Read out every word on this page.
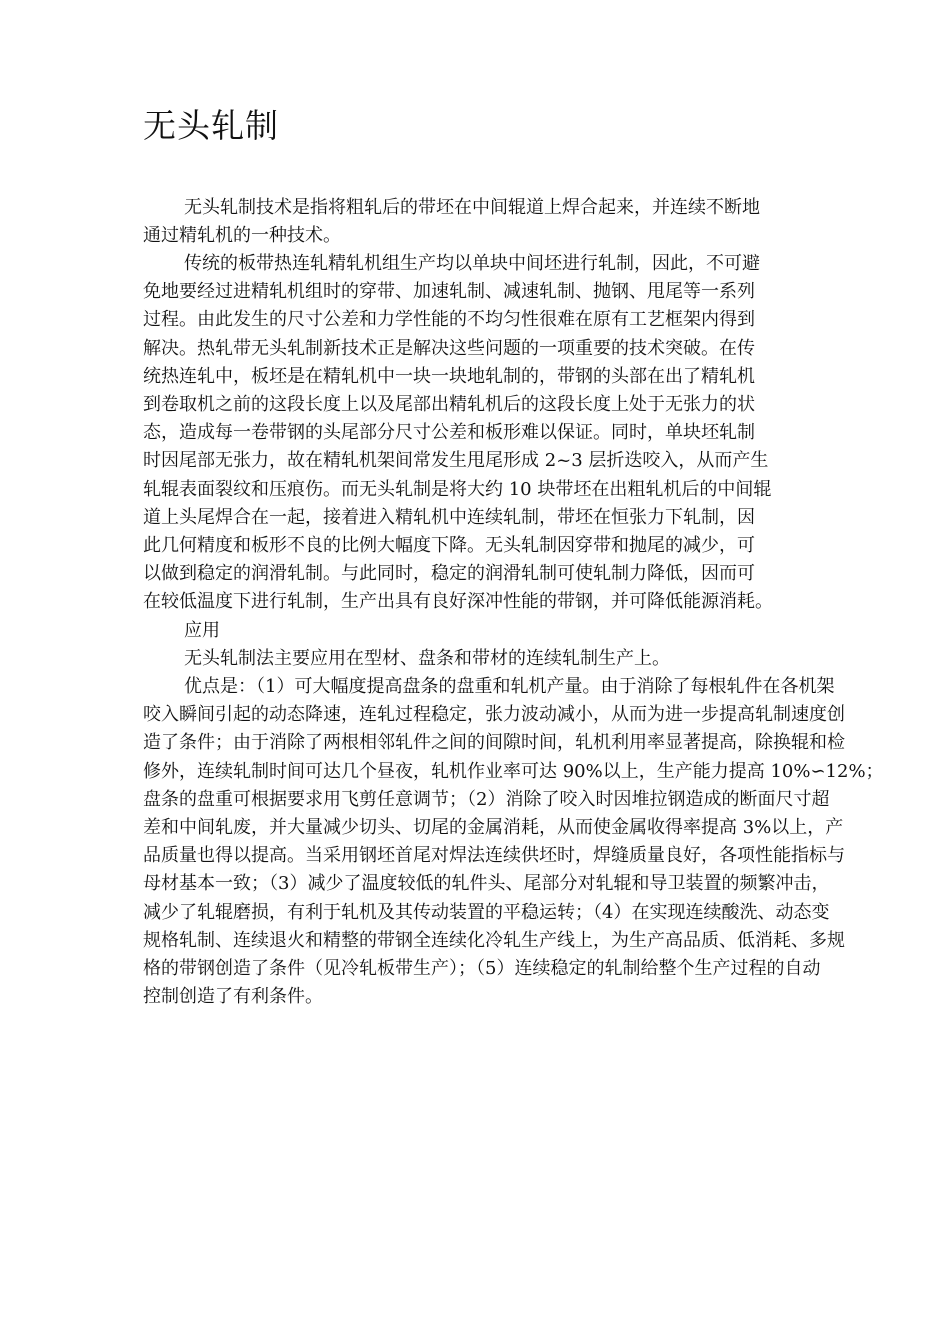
无头轧制
无头轧制技术是指将粗轧后的带坯在中间辊道上焊合起来，并连续不断地
通过精轧机的一种技术。
传统的板带热连轧精轧机组生产均以单块中间坯进行轧制，因此，不可避
免地要经过进精轧机组时的穿带、加速轧制、减速轧制、抛钢、甩尾等一系列
过程。由此发生的尺寸公差和力学性能的不均匀性很难在原有工艺框架内得到
解决。热轧带无头轧制新技术正是解决这些问题的一项重要的技术突破。在传
统热连轧中，板坯是在精轧机中一块一块地轧制的，带钢的头部在出了精轧机
到卷取机之前的这段长度上以及尾部出精轧机后的这段长度上处于无张力的状
态，造成每一卷带钢的头尾部分尺寸公差和板形难以保证。同时，单块坯轧制
时因尾部无张力，故在精轧机架间常发生甩尾形成 2~3 层折迭咬入，从而产生
轧辊表面裂纹和压痕伤。而无头轧制是将大约 10 块带坯在出粗轧机后的中间辊
道上头尾焊合在一起，接着进入精轧机中连续轧制，带坯在恒张力下轧制，因
此几何精度和板形不良的比例大幅度下降。无头轧制因穿带和抛尾的减少，可
以做到稳定的润滑轧制。与此同时，稳定的润滑轧制可使轧制力降低，因而可
在较低温度下进行轧制，生产出具有良好深冲性能的带钢，并可降低能源消耗。
应用
无头轧制法主要应用在型材、盘条和带材的连续轧制生产上。
优点是：（1）可大幅度提高盘条的盘重和轧机产量。由于消除了每根轧件在各机架
咬入瞬间引起的动态降速，连轧过程稳定，张力波动减小，从而为进一步提高轧制速度创
造了条件；由于消除了两根相邻轧件之间的间隙时间，轧机利用率显著提高，除换辊和检
修外，连续轧制时间可达几个昼夜，轧机作业率可达 90%以上，生产能力提高 10%∽12%；
盘条的盘重可根据要求用飞剪任意调节；（2）消除了咬入时因堆拉钢造成的断面尺寸超
差和中间轧废，并大量减少切头、切尾的金属消耗，从而使金属收得率提高 3%以上，产
品质量也得以提高。当采用钢坯首尾对焊法连续供坯时，焊缝质量良好，各项性能指标与
母材基本一致；（3）减少了温度较低的轧件头、尾部分对轧辊和导卫装置的频繁冲击，
减少了轧辊磨损，有利于轧机及其传动装置的平稳运转；（4）在实现连续酸洗、动态变
规格轧制、连续退火和精整的带钢全连续化冷轧生产线上，为生产高品质、低消耗、多规
格的带钢创造了条件（见冷轧板带生产）；（5）连续稳定的轧制给整个生产过程的自动
控制创造了有利条件。
